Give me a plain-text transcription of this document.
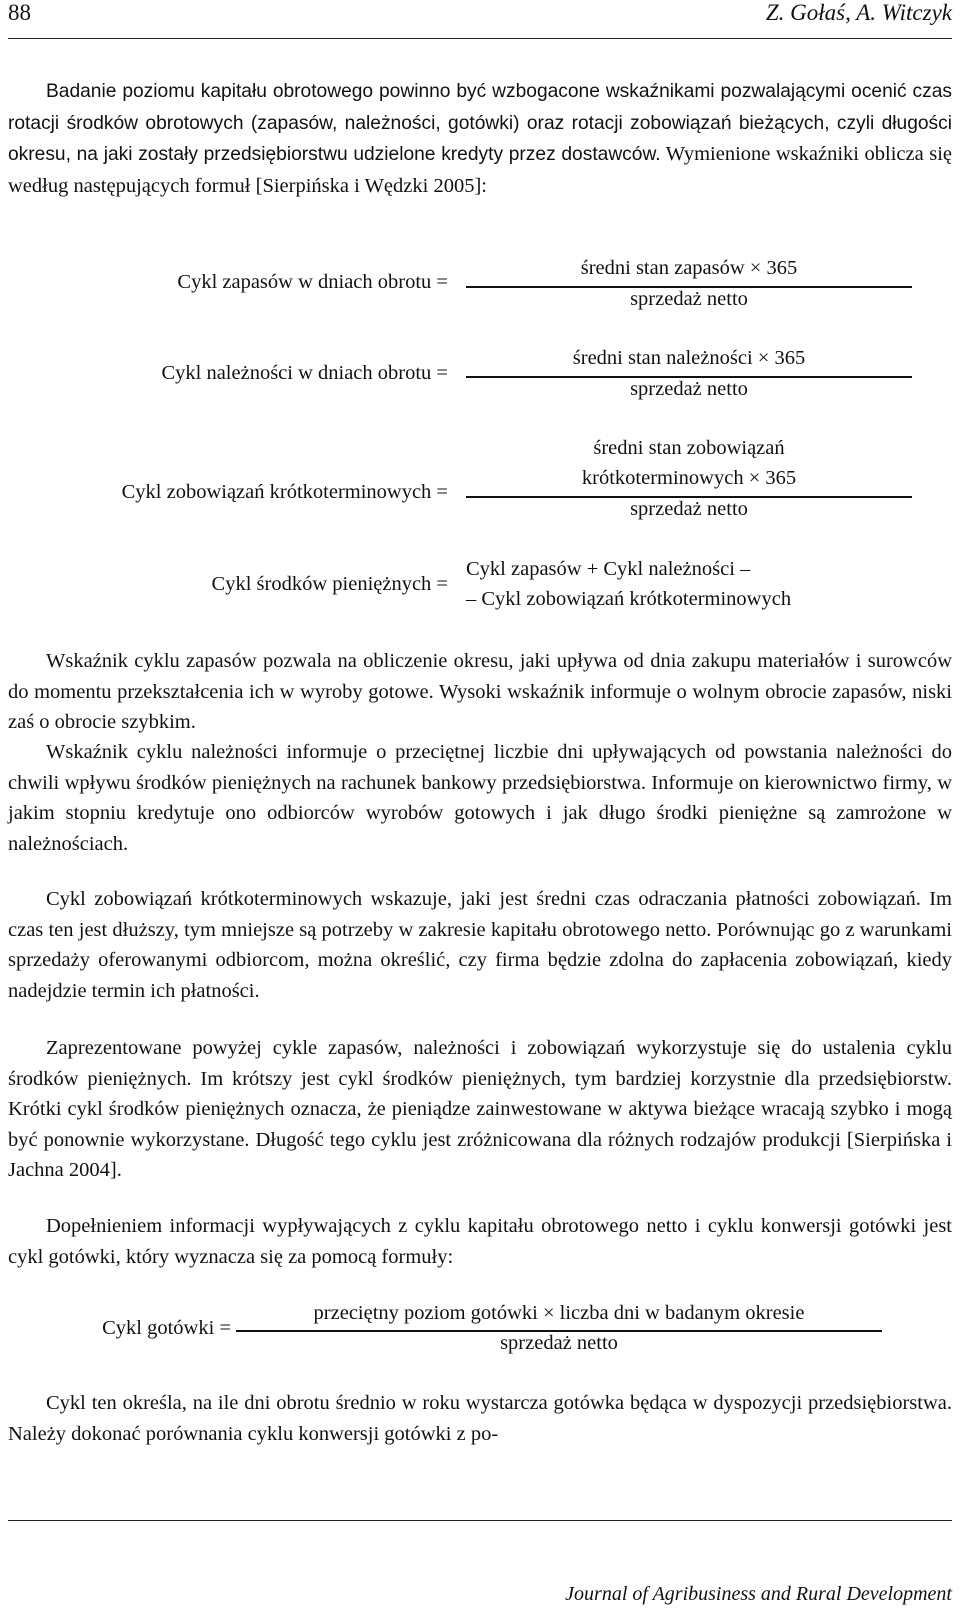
88	Z. Gołaś, A. Witczyk

Badanie poziomu kapitału obrotowego powinno być wzbogacone wskaźnikami pozwalającymi ocenić czas rotacji środków obrotowych (zapasów, należności, gotówki) oraz rotacji zobowiązań bieżących, czyli długości okresu, na jaki zostały przedsiębiorstwu udzielone kredyty przez dostawców. Wymienione wskaźniki oblicza się według następujących formuł [Sierpińska i Wędzki 2005]:

Cykl zapasów w dniach obrotu =
średni stan zapasów × 365
sprzedaż netto
Cykl należności w dniach obrotu =
średni stan należności × 365
sprzedaż netto
Cykl zobowiązań krótkoterminowych =
średni stan zobowiązań
krótkoterminowych × 365
sprzedaż netto
Cykl środków pieniężnych =
Cykl zapasów + Cykl należności –
– Cykl zobowiązań krótkoterminowych

Wskaźnik cyklu zapasów pozwala na obliczenie okresu, jaki upływa od dnia zakupu materiałów i surowców do momentu przekształcenia ich w wyroby gotowe. Wysoki wskaźnik informuje o wolnym obrocie zapasów, niski zaś o obrocie szybkim.

Wskaźnik cyklu należności informuje o przeciętnej liczbie dni upływających od powstania należności do chwili wpływu środków pieniężnych na rachunek bankowy przedsiębiorstwa. Informuje on kierownictwo firmy, w jakim stopniu kredytuje ono odbiorców wyrobów gotowych i jak długo środki pieniężne są zamrożone w należnościach.

Cykl zobowiązań krótkoterminowych wskazuje, jaki jest średni czas odraczania płatności zobowiązań. Im czas ten jest dłuższy, tym mniejsze są potrzeby w zakresie kapitału obrotowego netto. Porównując go z warunkami sprzedaży oferowanymi odbiorcom, można określić, czy firma będzie zdolna do zapłacenia zobowiązań, kiedy nadejdzie termin ich płatności.

Zaprezentowane powyżej cykle zapasów, należności i zobowiązań wykorzystuje się do ustalenia cyklu środków pieniężnych. Im krótszy jest cykl środków pieniężnych, tym bardziej korzystnie dla przedsiębiorstw. Krótki cykl środków pieniężnych oznacza, że pieniądze zainwestowane w aktywa bieżące wracają szybko i mogą być ponownie wykorzystane. Długość tego cyklu jest zróżnicowana dla różnych rodzajów produkcji [Sierpińska i Jachna 2004].

Dopełnieniem informacji wypływających z cyklu kapitału obrotowego netto i cyklu konwersji gotówki jest cykl gotówki, który wyznacza się za pomocą formuły:

Cykl gotówki =
przeciętny poziom gotówki × liczba dni w badanym okresie
sprzedaż netto

Cykl ten określa, na ile dni obrotu średnio w roku wystarcza gotówka będąca w dyspozycji przedsiębiorstwa. Należy dokonać porównania cyklu konwersji gotówki z po-

Journal of Agribusiness and Rural Development
